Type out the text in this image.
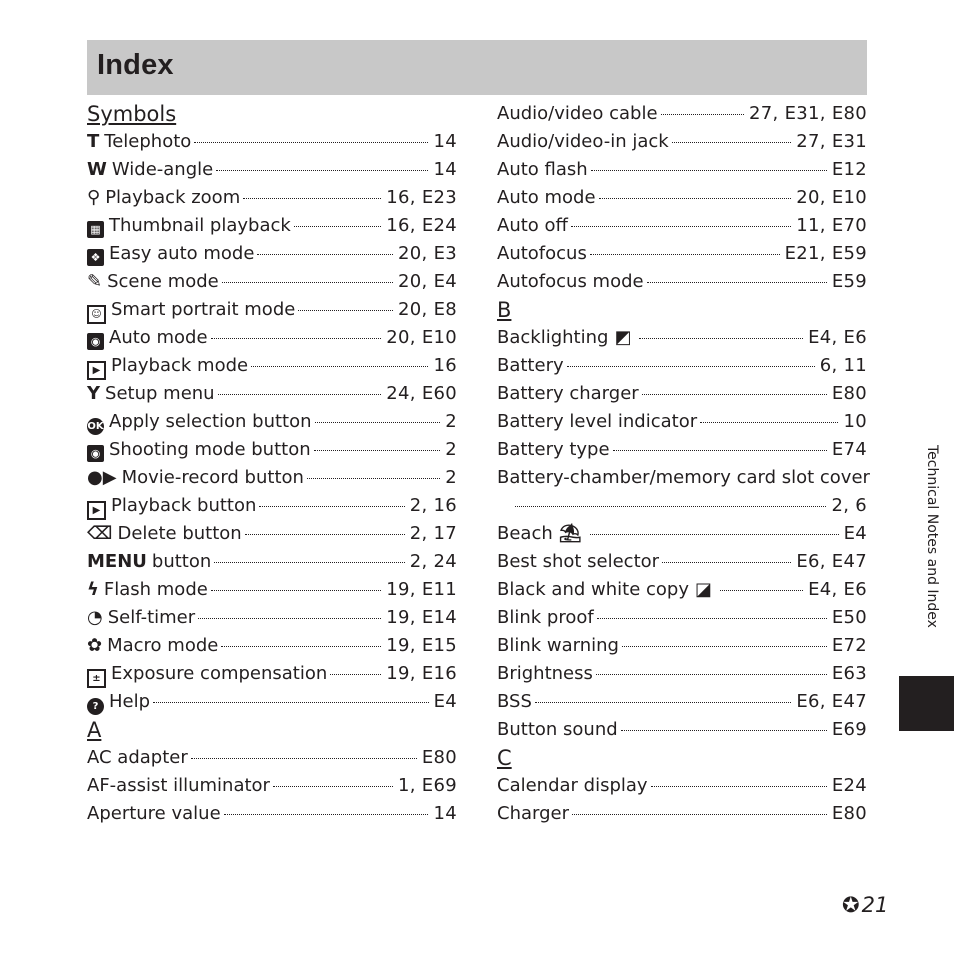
Index
Symbols
T Telephoto	14
W Wide-angle	14
⚲ Playback zoom	16, E23
▦ Thumbnail playback	16, E24
❖ Easy auto mode	20, E3
✎ Scene mode	20, E4
☺ Smart portrait mode	20, E8
◉ Auto mode	20, E10
▶ Playback mode	16
Y Setup menu	24, E60
OK Apply selection button	2
◉ Shooting mode button	2
●▶ Movie-record button	2
▶ Playback button	2, 16
⌫ Delete button	2, 17
MENU button	2, 24
ϟ Flash mode	19, E11
◔ Self-timer	19, E14
✿ Macro mode	19, E15
± Exposure compensation	19, E16
? Help	E4
A
AC adapter	E80
AF-assist illuminator	1, E69
Aperture value	14
Audio/video cable	27, E31, E80
Audio/video-in jack	27, E31
Auto flash	E12
Auto mode	20, E10
Auto off	11, E70
Autofocus	E21, E59
Autofocus mode	E59
B
Backlighting ◩	E4, E6
Battery	6, 11
Battery charger	E80
Battery level indicator	10
Battery type	E74
Battery-chamber/memory card slot cover
2, 6
Beach ⛱	E4
Best shot selector	E6, E47
Black and white copy ◪	E4, E6
Blink proof	E50
Blink warning	E72
Brightness	E63
BSS	E6, E47
Button sound	E69
C
Calendar display	E24
Charger	E80
Technical Notes and Index
✪21
